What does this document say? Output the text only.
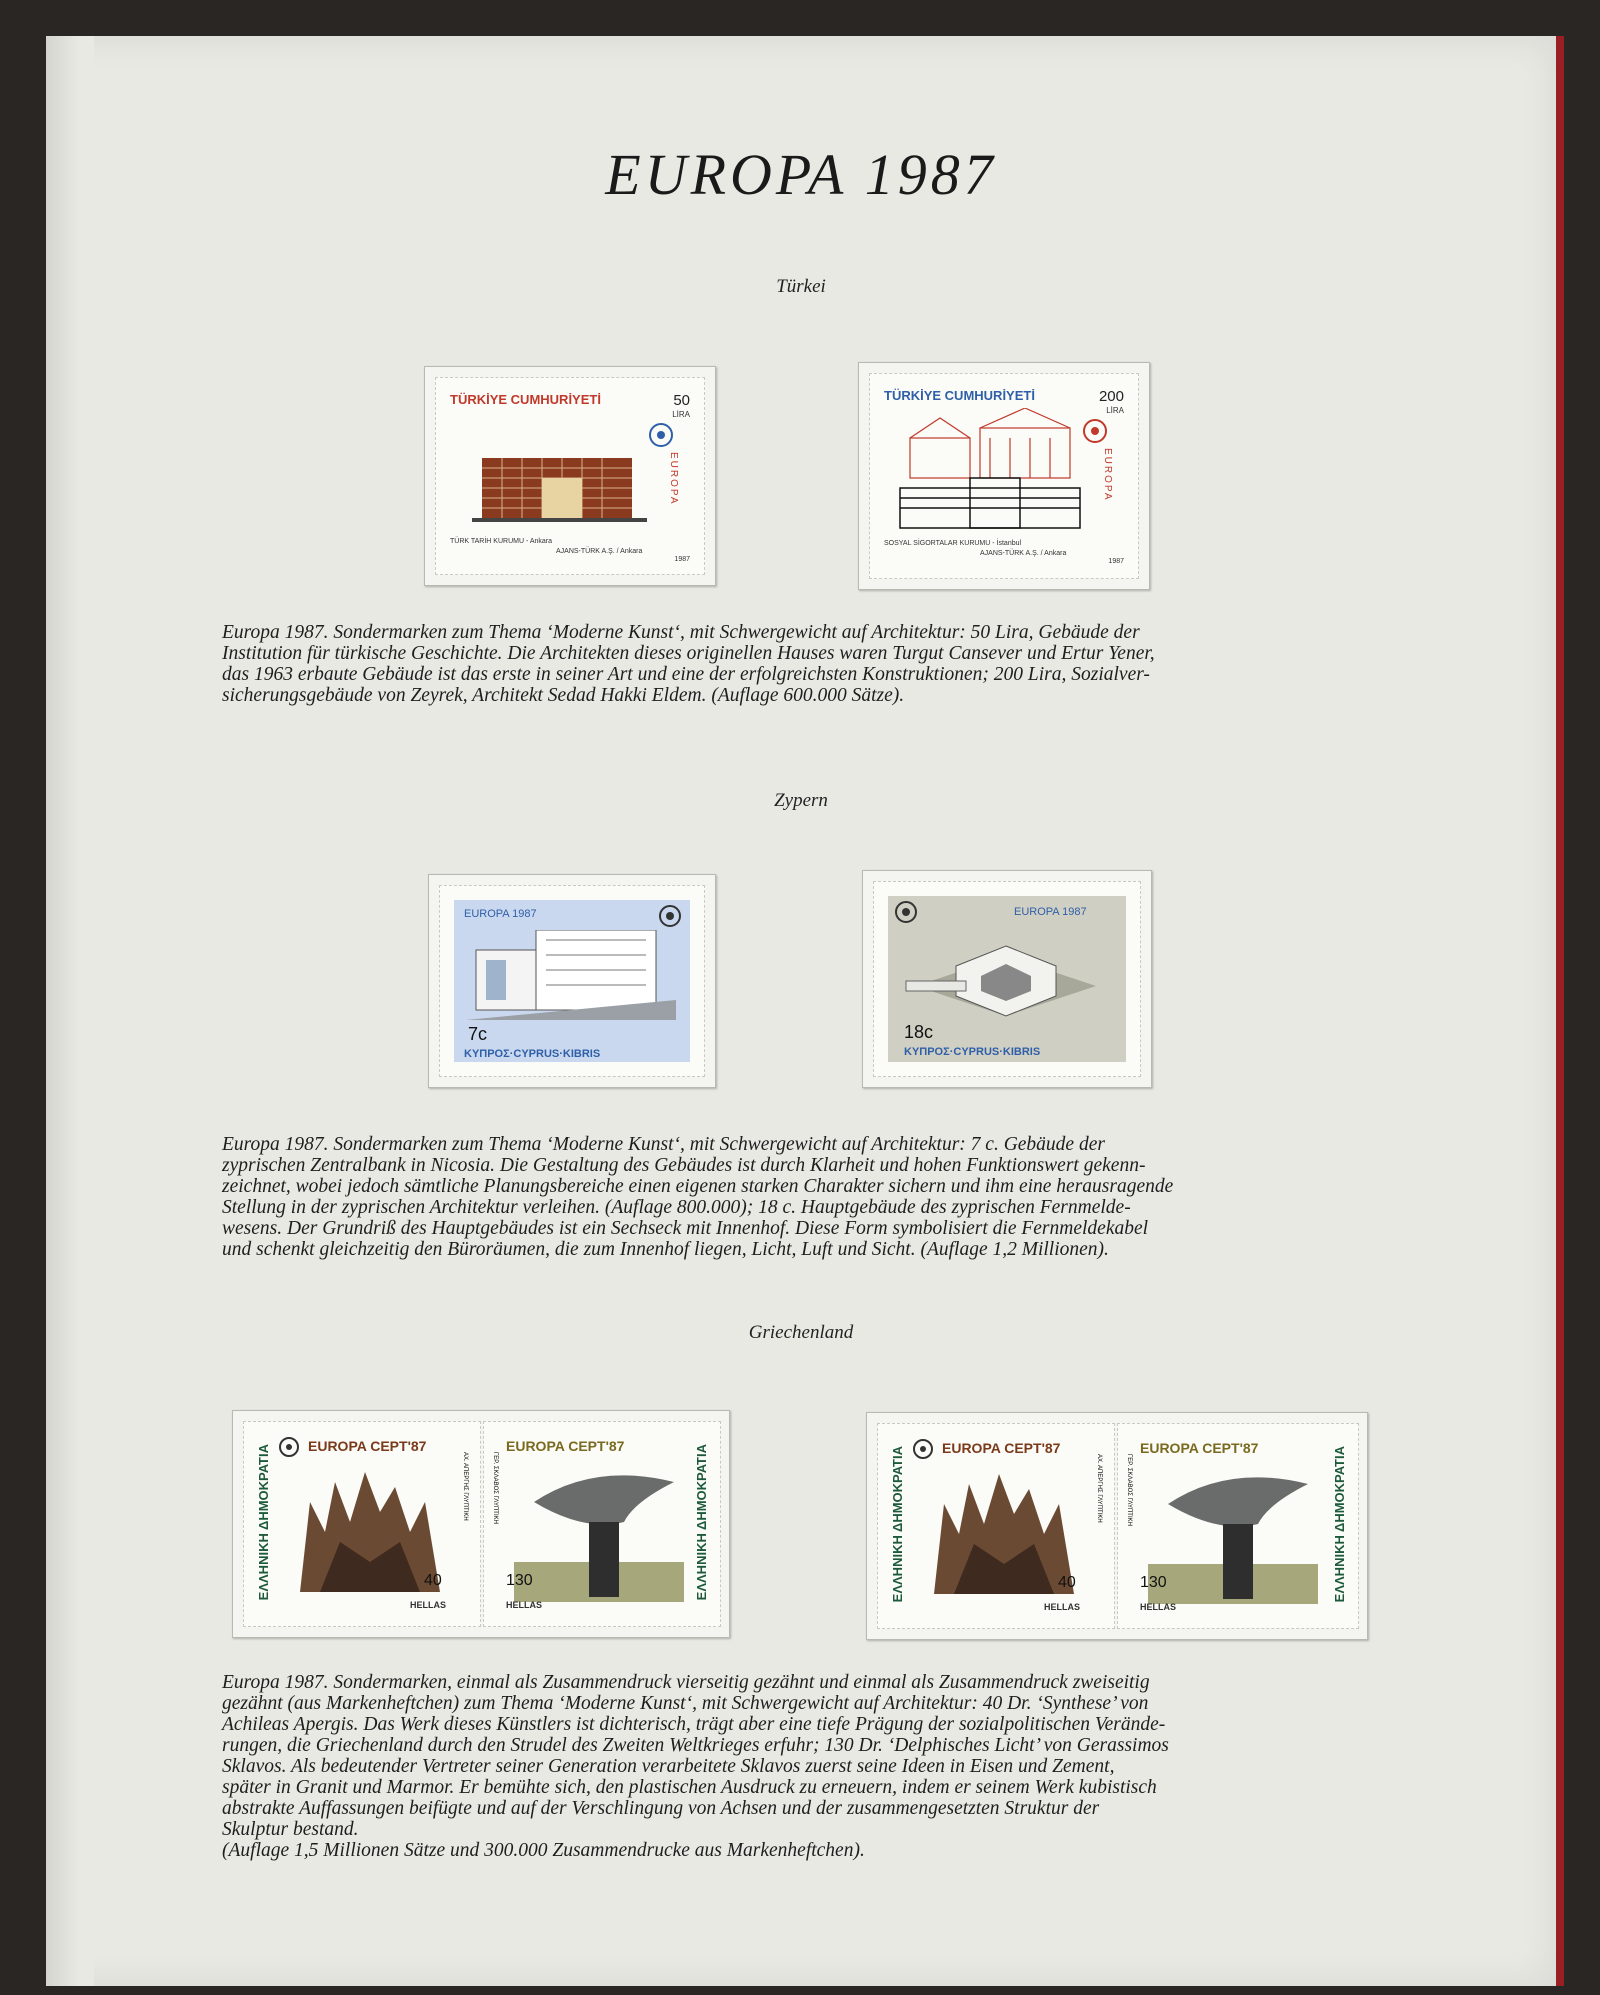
EUROPA 1987
Türkei
TÜRKİYE CUMHURİYETİ	50
LİRA
EUROPA
TÜRK TARİH KURUMU - Ankara
AJANS-TÜRK A.Ş. / Ankara
1987
TÜRKİYE CUMHURİYETİ	200
LİRA
EUROPA
SOSYAL SİGORTALAR KURUMU - İstanbul
AJANS-TÜRK A.Ş. / Ankara
1987
Europa 1987. Sondermarken zum Thema ‘Moderne Kunst‘, mit Schwergewicht auf Architektur: 50 Lira, Gebäude der
Institution für türkische Geschichte. Die Architekten dieses originellen Hauses waren Turgut Cansever und Ertur Yener,
das 1963 erbaute Gebäude ist das erste in seiner Art und eine der erfolgreichsten Konstruktionen; 200 Lira, Sozialver-
sicherungsgebäude von Zeyrek, Architekt Sedad Hakki Eldem. (Auflage 600.000 Sätze).
Zypern
EUROPA 1987
7c
ΚΥΠΡΟΣ·CYPRUS·KIBRIS
EUROPA 1987
18c
ΚΥΠΡΟΣ·CYPRUS·KIBRIS
Europa 1987. Sondermarken zum Thema ‘Moderne Kunst‘, mit Schwergewicht auf Architektur: 7 c. Gebäude der
zyprischen Zentralbank in Nicosia. Die Gestaltung des Gebäudes ist durch Klarheit und hohen Funktionswert gekenn-
zeichnet, wobei jedoch sämtliche Planungsbereiche einen eigenen starken Charakter sichern und ihm eine herausragende
Stellung in der zyprischen Architektur verleihen. (Auflage 800.000); 18 c. Hauptgebäude des zyprischen Fernmelde-
wesens. Der Grundriß des Hauptgebäudes ist ein Sechseck mit Innenhof. Diese Form symbolisiert die Fernmeldekabel
und schenkt gleichzeitig den Büroräumen, die zum Innenhof liegen, Licht, Luft und Sicht. (Auflage 1,2 Millionen).
Griechenland
ΕΛΛΗΝΙΚΗ ΔΗΜΟΚΡΑΤΙΑ	EUROPA CEPT'87
40
HELLAS
ΑΧ. ΑΠΕΡΓΗΣ ΓΛΥΠΤΙΚΗ	ΓΕΡ. ΣΚΛΑΒΟΣ ΓΛΥΠΤΙΚΗ
EUROPA CEPT'87
130
HELLAS
ΕΛΛΗΝΙΚΗ ΔΗΜΟΚΡΑΤΙΑ	ΕΛΛΗΝΙΚΗ ΔΗΜΟΚΡΑΤΙΑ	EUROPA CEPT'87
40
HELLAS
ΑΧ. ΑΠΕΡΓΗΣ ΓΛΥΠΤΙΚΗ	ΓΕΡ. ΣΚΛΑΒΟΣ ΓΛΥΠΤΙΚΗ
EUROPA CEPT'87
130
HELLAS
ΕΛΛΗΝΙΚΗ ΔΗΜΟΚΡΑΤΙΑ
Europa 1987. Sondermarken, einmal als Zusammendruck vierseitig gezähnt und einmal als Zusammendruck zweiseitig
gezähnt (aus Markenheftchen) zum Thema ‘Moderne Kunst‘, mit Schwergewicht auf Architektur: 40 Dr. ‘Synthese’ von
Achileas Apergis. Das Werk dieses Künstlers ist dichterisch, trägt aber eine tiefe Prägung der sozialpolitischen Verände-
rungen, die Griechenland durch den Strudel des Zweiten Weltkrieges erfuhr; 130 Dr. ‘Delphisches Licht’ von Gerassimos
Sklavos. Als bedeutender Vertreter seiner Generation verarbeitete Sklavos zuerst seine Ideen in Eisen und Zement,
später in Granit und Marmor. Er bemühte sich, den plastischen Ausdruck zu erneuern, indem er seinem Werk kubistisch
abstrakte Auffassungen beifügte und auf der Verschlingung von Achsen und der zusammengesetzten Struktur der
Skulptur bestand.
(Auflage 1,5 Millionen Sätze und 300.000 Zusammendrucke aus Markenheftchen).
